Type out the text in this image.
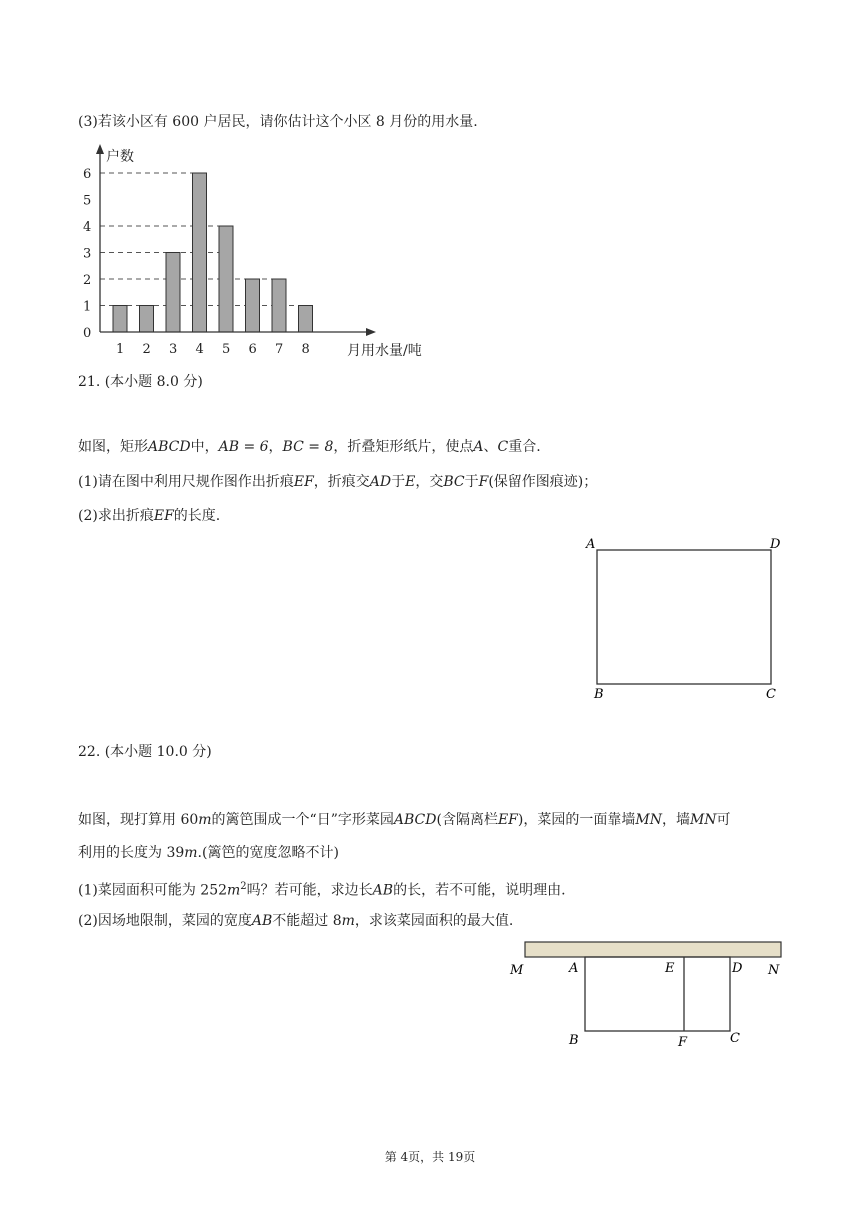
(3)若该小区有 600 户居民，请你估计这个小区 8 月份的用水量.
0
1
2
3
4
5
6
1 2 3 4 5 6 7 8
户数
月用水量/吨
21. (本小题 8.0 分)
如图，矩形ABCD中，AB = 6，BC = 8，折叠矩形纸片，使点A、C重合.
(1)请在图中利用尺规作图作出折痕EF，折痕交AD于E，交BC于F(保留作图痕迹)；
(2)求出折痕EF的长度.
A	D
B	C
22. (本小题 10.0 分)
如图，现打算用 60m的篱笆围成一个“日”字形菜园ABCD(含隔离栏EF)，菜园的一面靠墙MN，墙MN可
利用的长度为 39m.(篱笆的宽度忽略不计)
(1)菜园面积可能为 $252m^2$吗？若可能，求边长AB的长，若不可能，说明理由.
(2)因场地限制，菜园的宽度AB不能超过 8m，求该菜园面积的最大值.
M	A	E	D N
B	F	C
第 4页，共 19页
